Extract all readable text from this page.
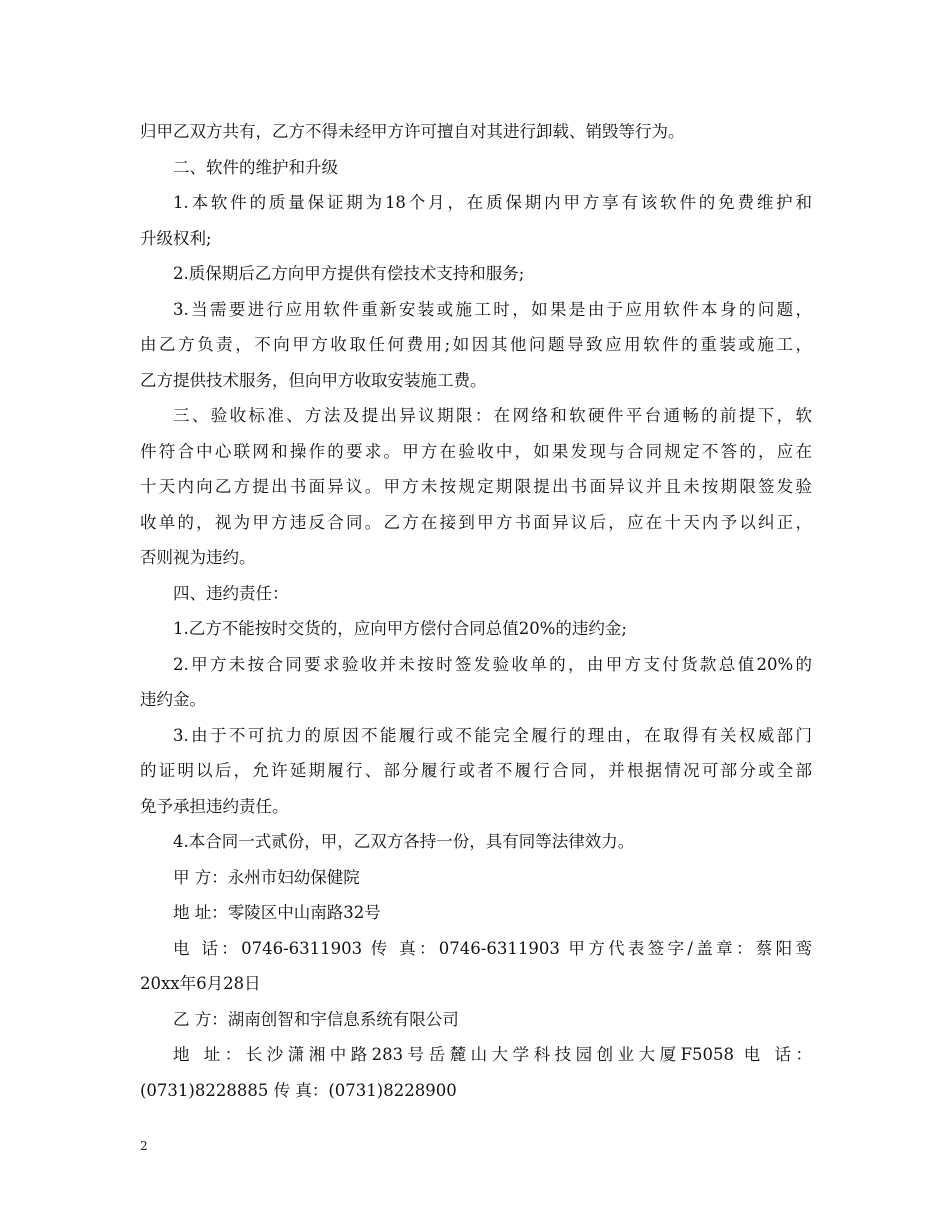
归甲乙双方共有，乙方不得未经甲方许可擅自对其进行卸载、销毁等行为。
二、软件的维护和升级
1.本软件的质量保证期为18个月，在质保期内甲方享有该软件的免费维护和
升级权利;
2.质保期后乙方向甲方提供有偿技术支持和服务;
3.当需要进行应用软件重新安装或施工时，如果是由于应用软件本身的问题，
由乙方负责，不向甲方收取任何费用;如因其他问题导致应用软件的重装或施工，
乙方提供技术服务，但向甲方收取安装施工费。
三、验收标准、方法及提出异议期限：在网络和软硬件平台通畅的前提下，软
件符合中心联网和操作的要求。甲方在验收中，如果发现与合同规定不答的，应在
十天内向乙方提出书面异议。甲方未按规定期限提出书面异议并且未按期限签发验
收单的，视为甲方违反合同。乙方在接到甲方书面异议后，应在十天内予以纠正，
否则视为违约。
四、违约责任：
1.乙方不能按时交货的，应向甲方偿付合同总值20%的违约金;
2.甲方未按合同要求验收并未按时签发验收单的，由甲方支付货款总值20%的
违约金。
3.由于不可抗力的原因不能履行或不能完全履行的理由，在取得有关权威部门
的证明以后，允许延期履行、部分履行或者不履行合同，并根据情况可部分或全部
免予承担违约责任。
4.本合同一式贰份，甲，乙双方各持一份，具有同等法律效力。
甲 方：永州市妇幼保健院
地 址：零陵区中山南路32号
电 话：0746-6311903 传 真：0746-6311903 甲方代表签字/盖章：蔡阳鸾
20xx年6月28日
乙 方：湖南创智和宇信息系统有限公司
地 址：长沙潇湘中路283号岳麓山大学科技园创业大厦F5058 电 话：
(0731)8228885 传 真：(0731)8228900
2
